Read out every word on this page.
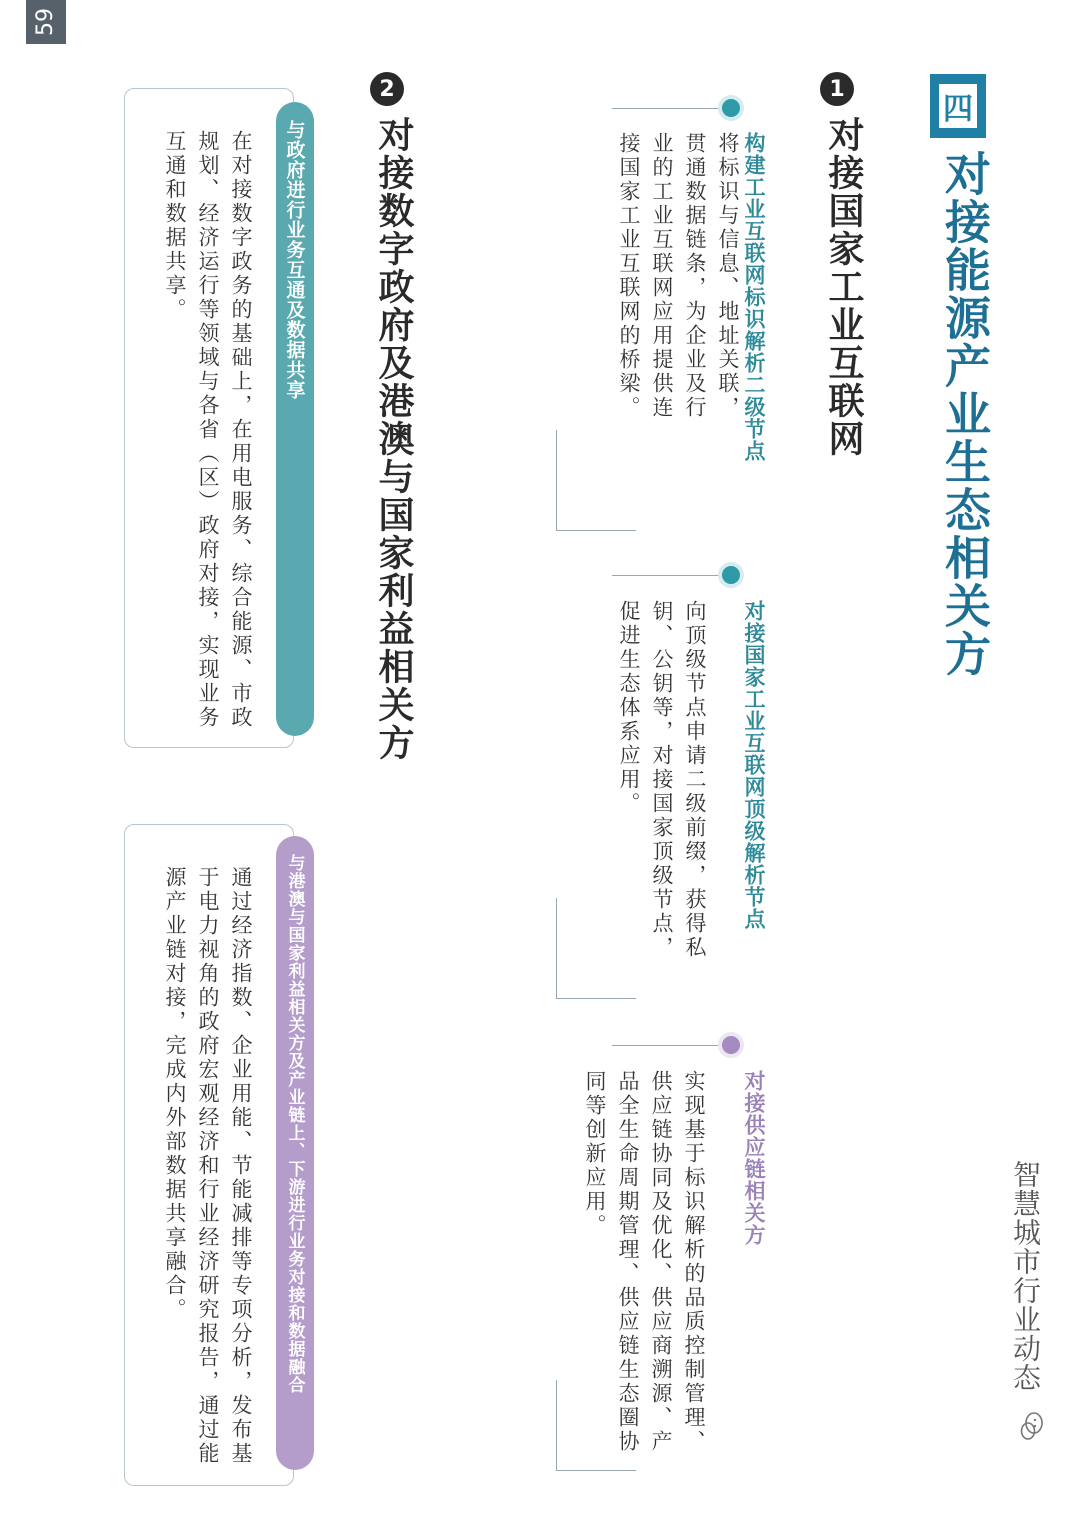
59
四
对接能源产业生态相关方
1
对接国家工业互联网
构建工业互联网标识解析二级节点
将标识与信息、地址关联，贯通数据链条，为企业及行业的工业互联网应用提供连接国家工业互联网的桥梁。
对接国家工业互联网顶级解析节点
向顶级节点申请二级前缀，获得私钥、公钥等，对接国家顶级节点，促进生态体系应用。
对接供应链相关方
实现基于标识解析的品质控制管理、供应链协同及优化、供应商溯源、产品全生命周期管理、供应链生态圈协同等创新应用。
2
对接数字政府及港澳与国家利益相关方
与政府进行业务互通及数据共享
在对接数字政务的基础上，在用电服务、综合能源、市政规划、经济运行等领域与各省（区）政府对接，实现业务互通和数据共享。
与港澳与国家利益相关方及产业链上、下游进行业务对接和数据融合
通过经济指数、企业用能、节能减排等专项分析，发布基于电力视角的政府宏观经济和行业经济研究报告，通过能源产业链对接，完成内外部数据共享融合。	智慧城市行业动态
